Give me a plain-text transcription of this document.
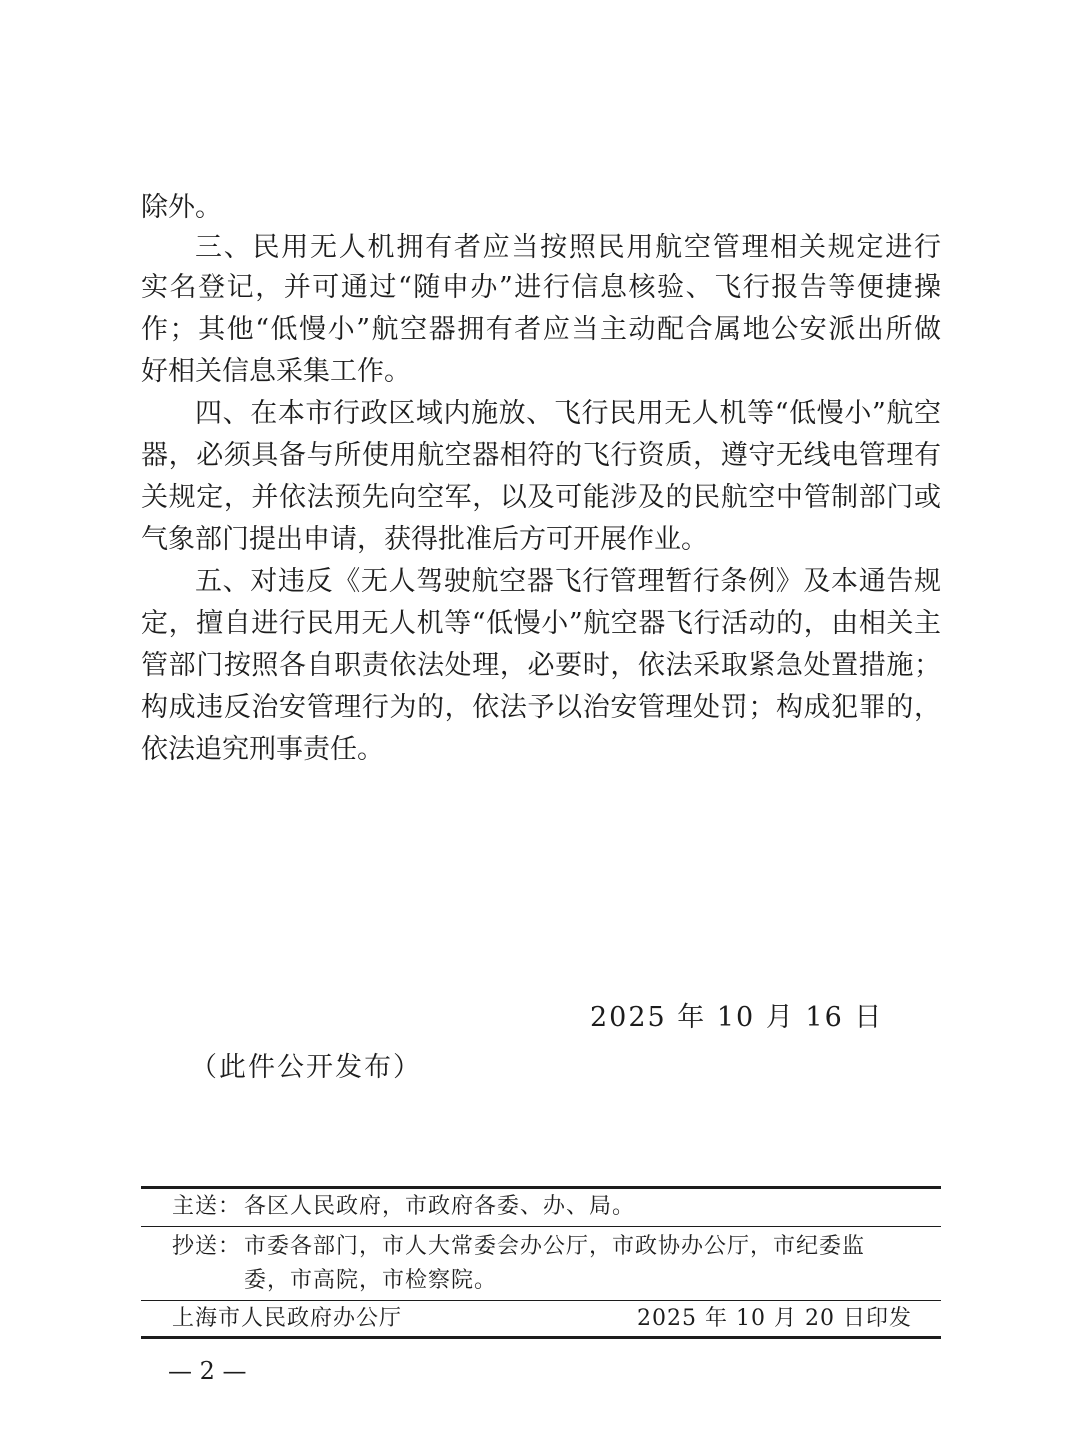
除外。
三、民用无人机拥有者应当按照民用航空管理相关规定进行
实名登记，并可通过“随申办”进行信息核验、飞行报告等便捷操
作；其他“低慢小”航空器拥有者应当主动配合属地公安派出所做
好相关信息采集工作。
四、在本市行政区域内施放、飞行民用无人机等“低慢小”航空
器，必须具备与所使用航空器相符的飞行资质，遵守无线电管理有
关规定，并依法预先向空军，以及可能涉及的民航空中管制部门或
气象部门提出申请，获得批准后方可开展作业。
五、对违反《无人驾驶航空器飞行管理暂行条例》及本通告规
定，擅自进行民用无人机等“低慢小”航空器飞行活动的，由相关主
管部门按照各自职责依法处理，必要时，依法采取紧急处置措施；
构成违反治安管理行为的，依法予以治安管理处罚；构成犯罪的，
依法追究刑事责任。
2025 年 10 月 16 日
（此件公开发布）
主送： 各区人民政府，市政府各委、办、局。
抄送： 市委各部门，市人大常委会办公厅，市政协办公厅，市纪委监
委，市高院，市检察院。
上海市人民政府办公厅	2025 年 10 月 20 日印发
— 2 —
